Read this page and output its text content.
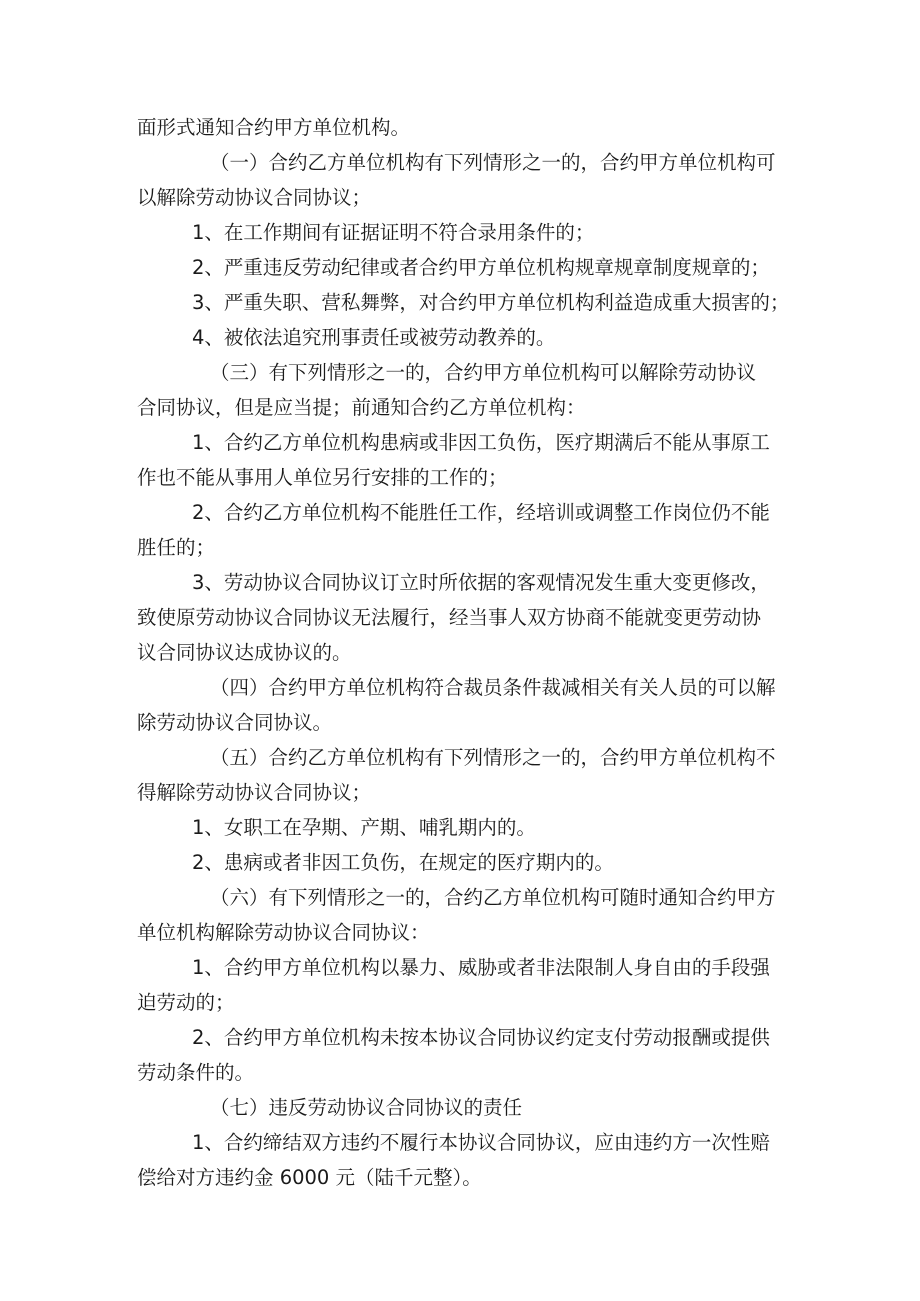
面形式通知合约甲方单位机构。
（一）合约乙方单位机构有下列情形之一的，合约甲方单位机构可
以解除劳动协议合同协议；
1、在工作期间有证据证明不符合录用条件的；
2、严重违反劳动纪律或者合约甲方单位机构规章规章制度规章的；
3、严重失职、营私舞弊，对合约甲方单位机构利益造成重大损害的；
4、被依法追究刑事责任或被劳动教养的。
（三）有下列情形之一的，合约甲方单位机构可以解除劳动协议
合同协议，但是应当提；前通知合约乙方单位机构：
1、合约乙方单位机构患病或非因工负伤，医疗期满后不能从事原工
作也不能从事用人单位另行安排的工作的；
2、合约乙方单位机构不能胜任工作，经培训或调整工作岗位仍不能
胜任的；
3、劳动协议合同协议订立时所依据的客观情况发生重大变更修改，
致使原劳动协议合同协议无法履行，经当事人双方协商不能就变更劳动协
议合同协议达成协议的。
（四）合约甲方单位机构符合裁员条件裁减相关有关人员的可以解
除劳动协议合同协议。
（五）合约乙方单位机构有下列情形之一的，合约甲方单位机构不
得解除劳动协议合同协议；
1、女职工在孕期、产期、哺乳期内的。
2、患病或者非因工负伤，在规定的医疗期内的。
（六）有下列情形之一的，合约乙方单位机构可随时通知合约甲方
单位机构解除劳动协议合同协议：
1、合约甲方单位机构以暴力、威胁或者非法限制人身自由的手段强
迫劳动的；
2、合约甲方单位机构未按本协议合同协议约定支付劳动报酬或提供
劳动条件的。
（七）违反劳动协议合同协议的责任
1、合约缔结双方违约不履行本协议合同协议，应由违约方一次性赔
偿给对方违约金 6000 元（陆千元整）。
